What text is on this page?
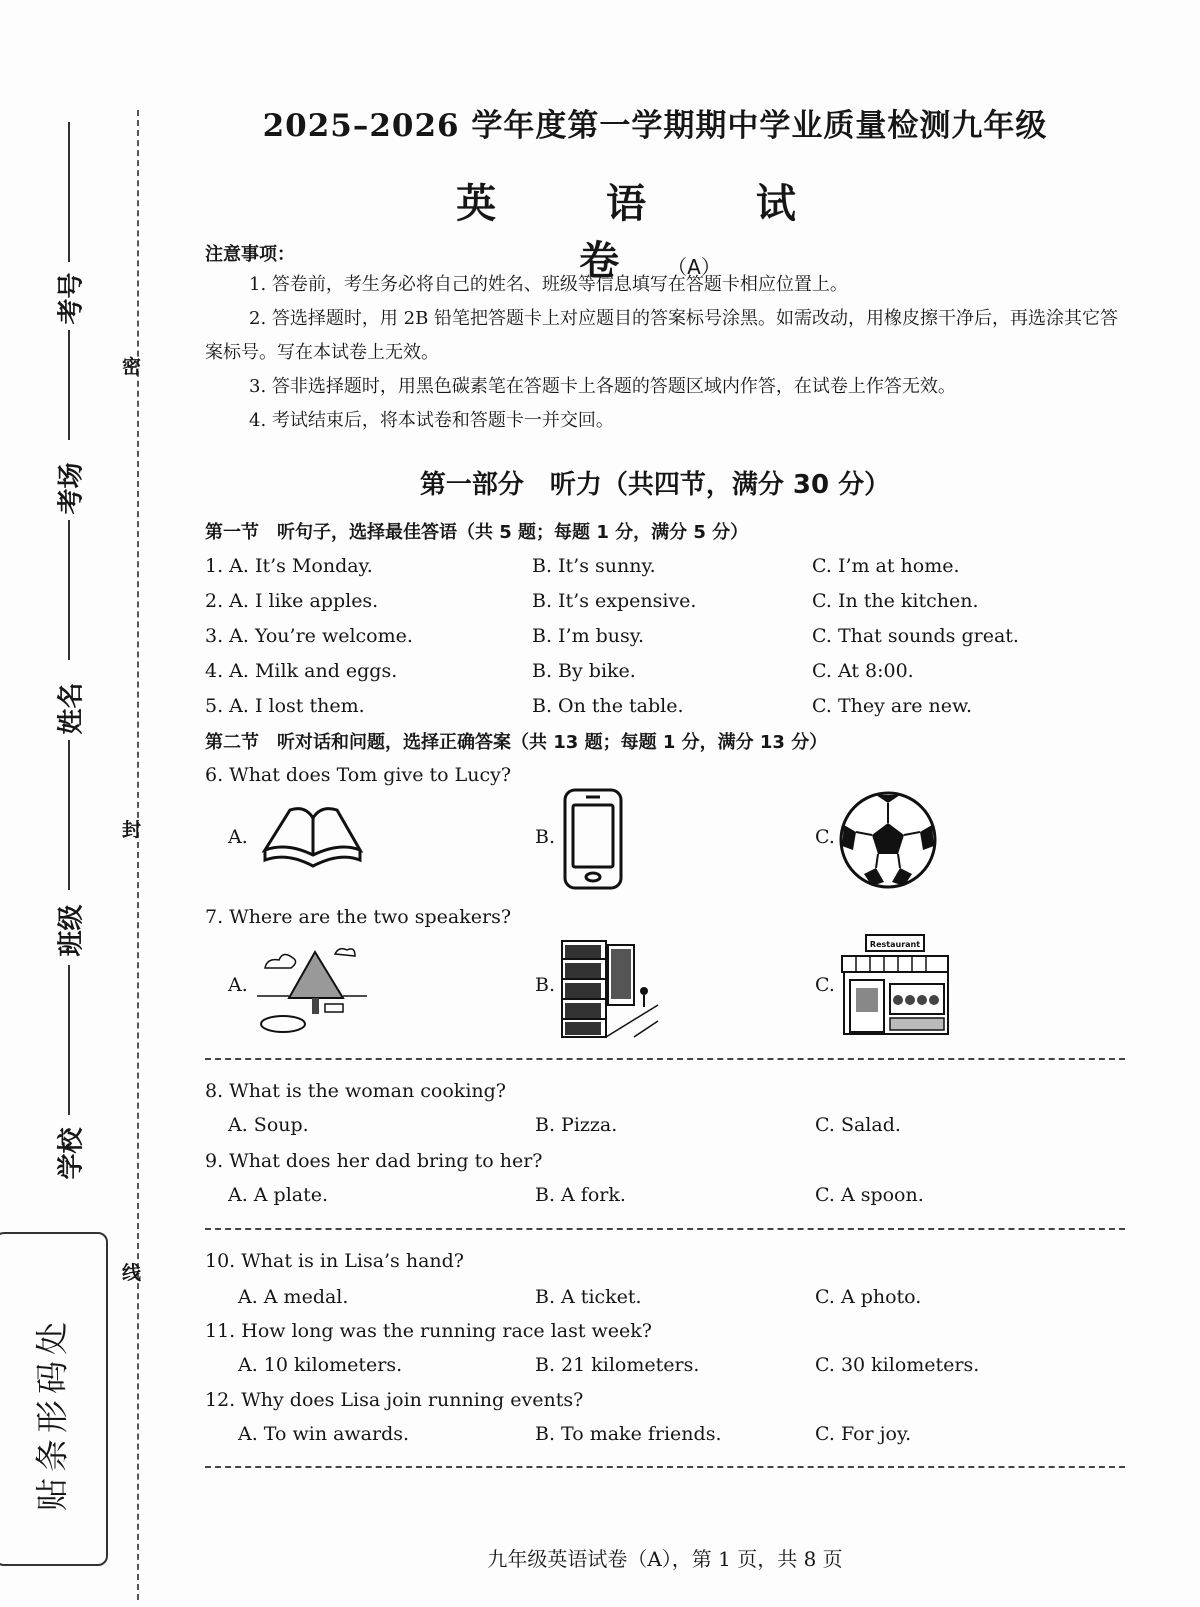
密
封
线
考号
考场
姓名
班级
学校
贴条形码处
2025–2026 学年度第一学期期中学业质量检测九年级
英 语 试 卷（A）
注意事项：
1. 答卷前，考生务必将自己的姓名、班级等信息填写在答题卡相应位置上。
2. 答选择题时，用 2B 铅笔把答题卡上对应题目的答案标号涂黑。如需改动，用橡皮擦干净后，再选涂其它答案标号。写在本试卷上无效。
3. 答非选择题时，用黑色碳素笔在答题卡上各题的答题区域内作答，在试卷上作答无效。
4. 考试结束后，将本试卷和答题卡一并交回。
第一部分　听力（共四节，满分 30 分）
第一节　听句子，选择最佳答语（共 5 题；每题 1 分，满分 5 分）
1. A. It’s Monday.	B. It’s sunny.	C. I’m at home.
2. A. I like apples.	B. It’s expensive.	C. In the kitchen.
3. A. You’re welcome.	B. I’m busy.	C. That sounds great.
4. A. Milk and eggs.	B. By bike.	C. At 8:00.
5. A. I lost them.	B. On the table.	C. They are new.
第二节　听对话和问题，选择正确答案（共 13 题；每题 1 分，满分 13 分）
6. What does Tom give to Lucy?
A.	B.	C.
7. Where are the two speakers?
A.	B.	C.
Restaurant
8. What is the woman cooking?
A. Soup.	B. Pizza.	C. Salad.
9. What does her dad bring to her?
A. A plate.	B. A fork.	C. A spoon.
10. What is in Lisa’s hand?
A. A medal.	B. A ticket.	C. A photo.
11. How long was the running race last week?
A. 10 kilometers.	B. 21 kilometers.	C. 30 kilometers.
12. Why does Lisa join running events?
A. To win awards.	B. To make friends.	C. For joy.
九年级英语试卷（A），第 1 页，共 8 页
